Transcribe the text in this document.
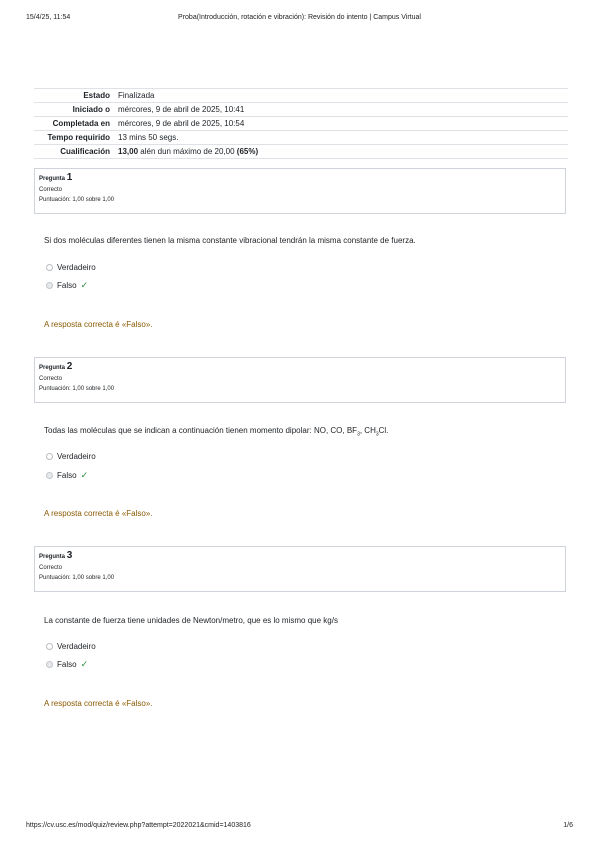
15/4/25, 11:54	Proba(Introducción, rotación e vibración): Revisión do intento | Campus Virtual
Estado	Finalizada
Iniciado o	mércores, 9 de abril de 2025, 10:41
Completada en	mércores, 9 de abril de 2025, 10:54
Tempo requirido	13 mins 50 segs.
Cualificación	13,00 alén dun máximo de 20,00 (65%)
Pregunta 1
Correcto
Puntuación: 1,00 sobre 1,00
Si dos moléculas diferentes tienen la misma constante vibracional tendrán la misma constante de fuerza.
Verdadeiro
Falso ✓
A resposta correcta é «Falso».
Pregunta 2
Correcto
Puntuación: 1,00 sobre 1,00
Todas las moléculas que se indican a continuación tienen momento dipolar: NO, CO, $BF_3$, $CH_3Cl$.
Verdadeiro
Falso ✓
A resposta correcta é «Falso».
Pregunta 3
Correcto
Puntuación: 1,00 sobre 1,00
La constante de fuerza tiene unidades de Newton/metro, que es lo mismo que kg/s
Verdadeiro
Falso ✓
A resposta correcta é «Falso».
https://cv.usc.es/mod/quiz/review.php?attempt=2022021&cmid=1403816	1/6
